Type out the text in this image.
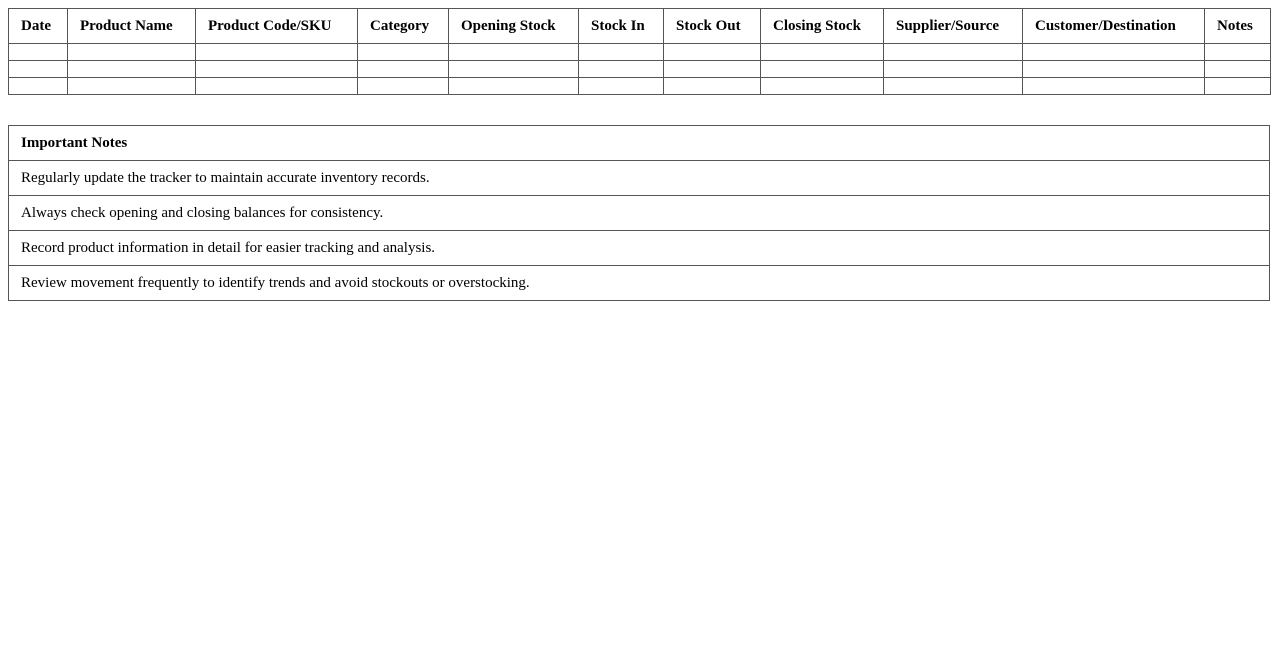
Date	Product Name	Product Code/SKU	Category	Opening Stock	Stock In	Stock Out	Closing Stock	Supplier/Source	Customer/Destination	Notes

Important Notes
Regularly update the tracker to maintain accurate inventory records.
Always check opening and closing balances for consistency.
Record product information in detail for easier tracking and analysis.
Review movement frequently to identify trends and avoid stockouts or overstocking.
